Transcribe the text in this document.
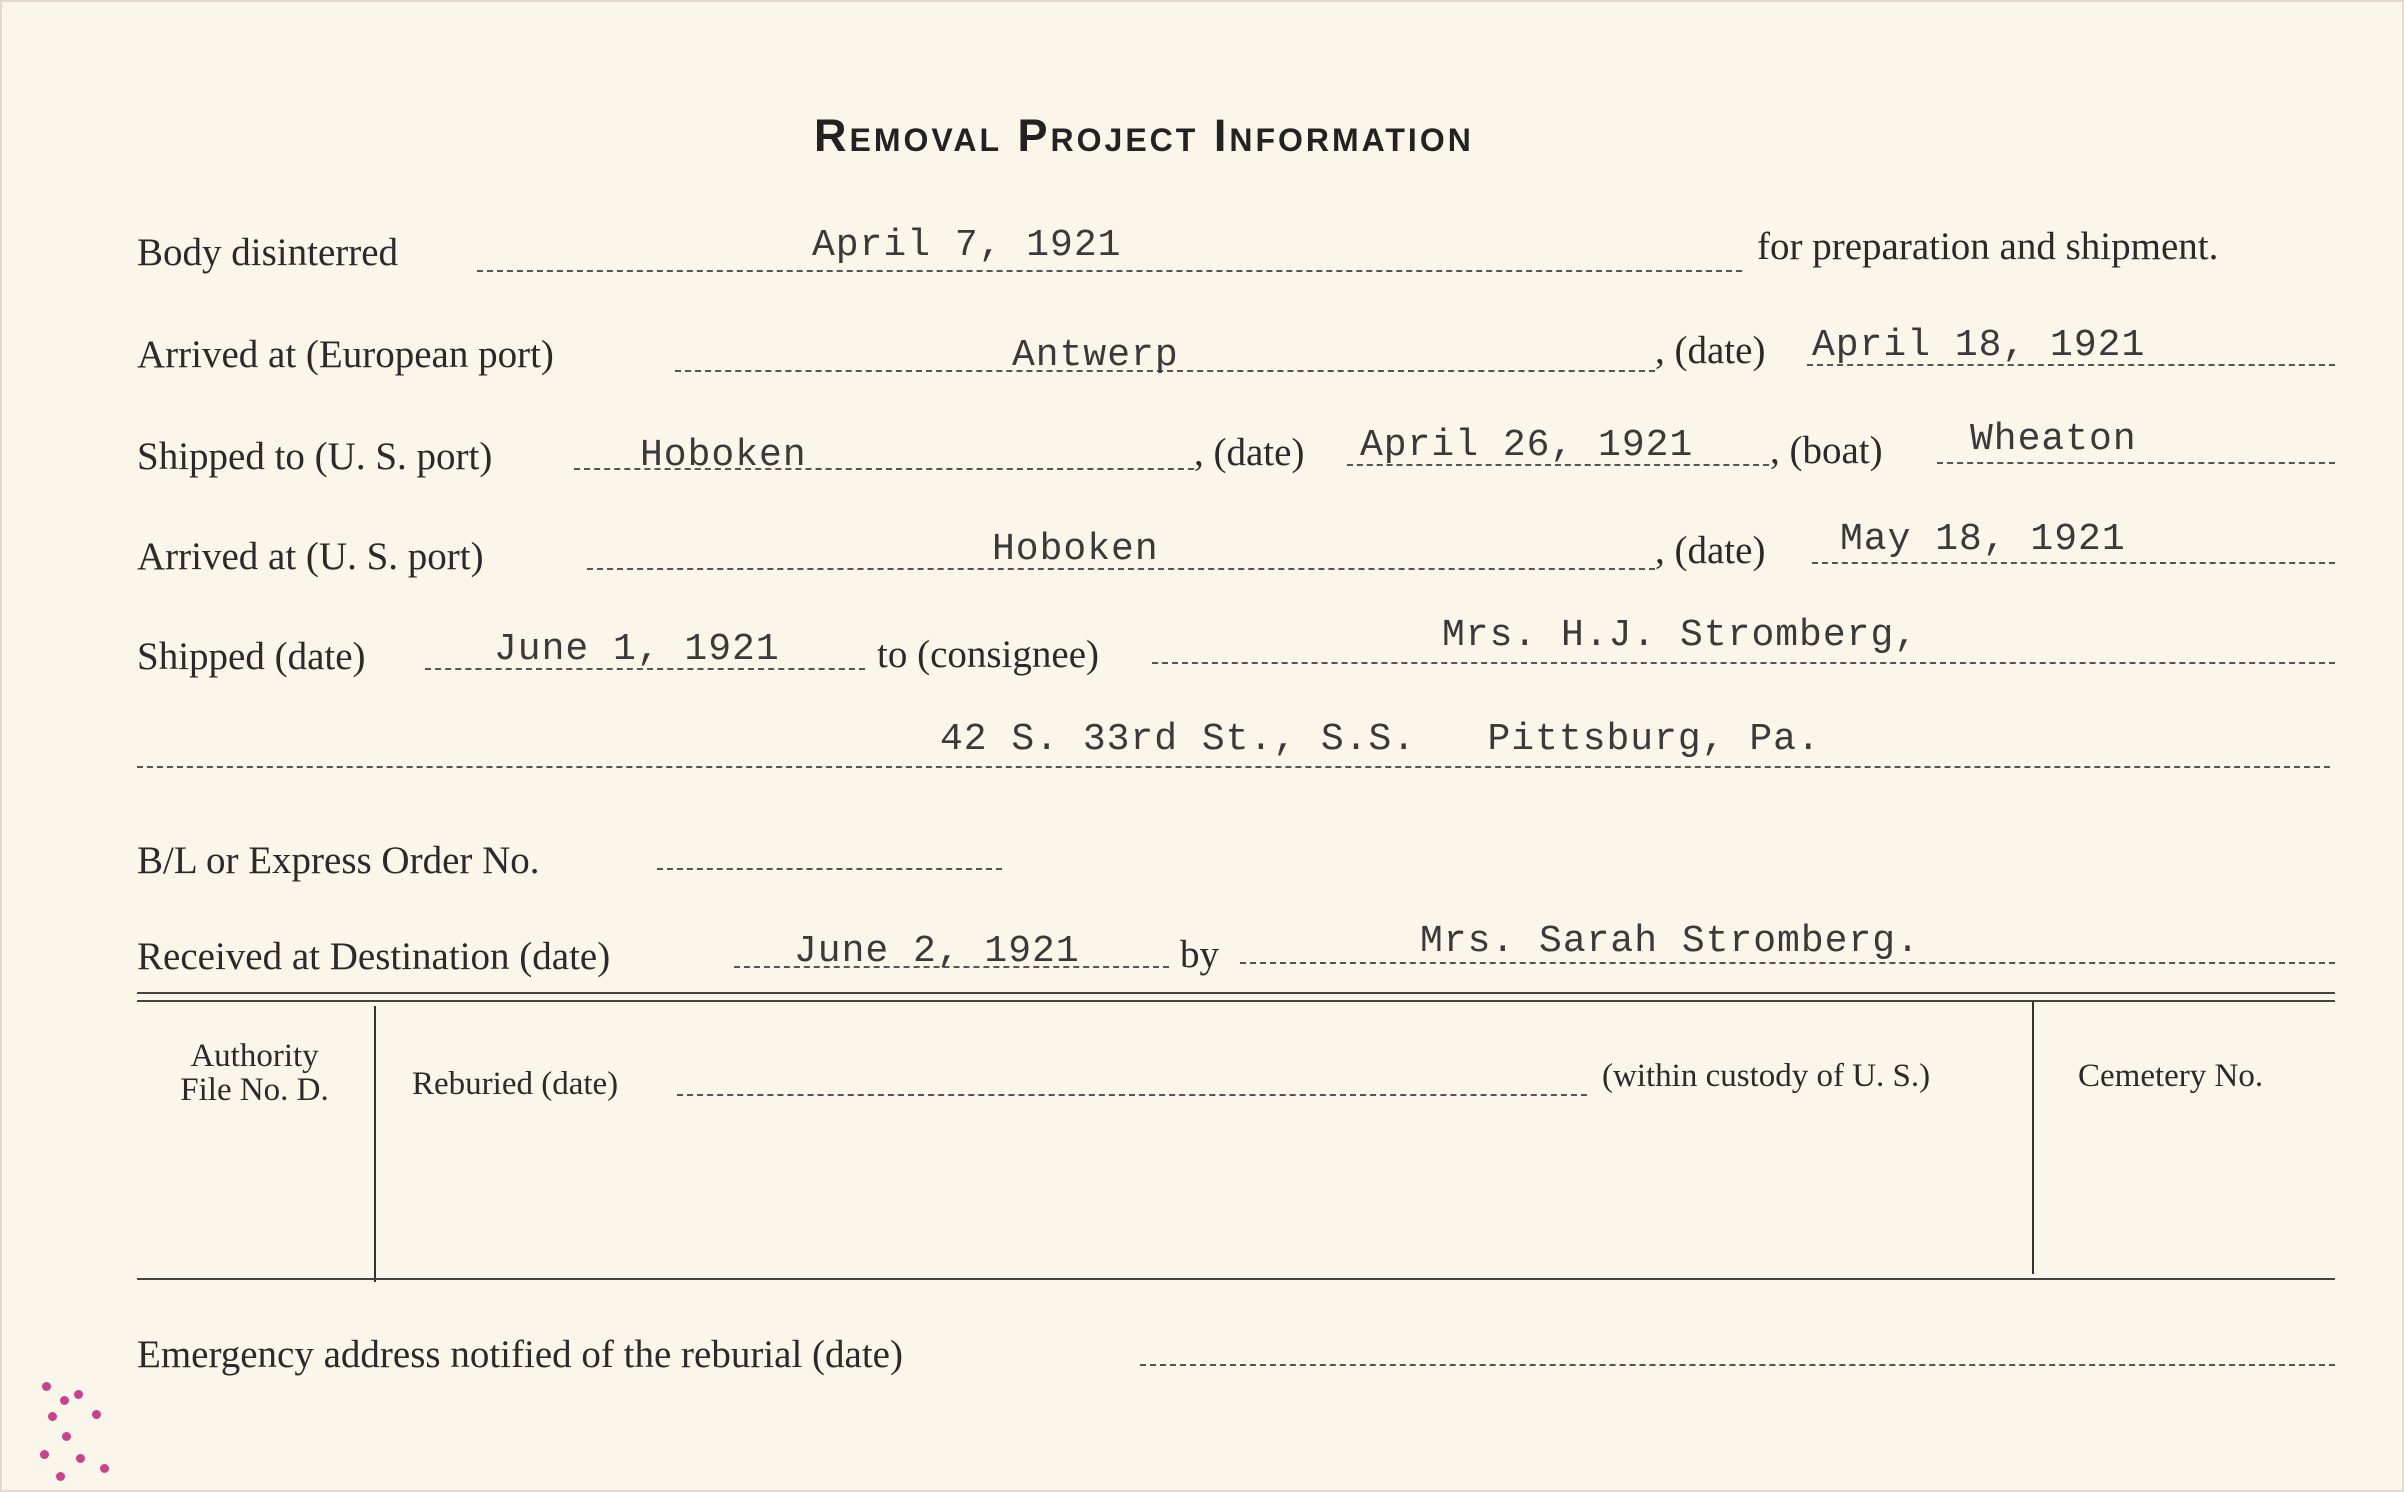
Removal Project Information
Body disinterred	April 7, 1921	for preparation and shipment.
Arrived at (European port)	Antwerp	, (date) April 18, 1921
Shipped to (U. S. port)	Hoboken	, (date) April 26, 1921 , (boat) Wheaton
Arrived at (U. S. port)	Hoboken	, (date) May 18, 1921
Shipped (date)	June 1, 1921 to (consignee)	Mrs. H.J. Stromberg,
42 S. 33rd St., S.S.   Pittsburg, Pa.
B/L or Express Order No.
Received at Destination (date)	June 2, 1921	by	Mrs. Sarah Stromberg.
Authority
File No. D.	Reburied (date)	(within custody of U. S.)	Cemetery No.
Emergency address notified of the reburial (date)
